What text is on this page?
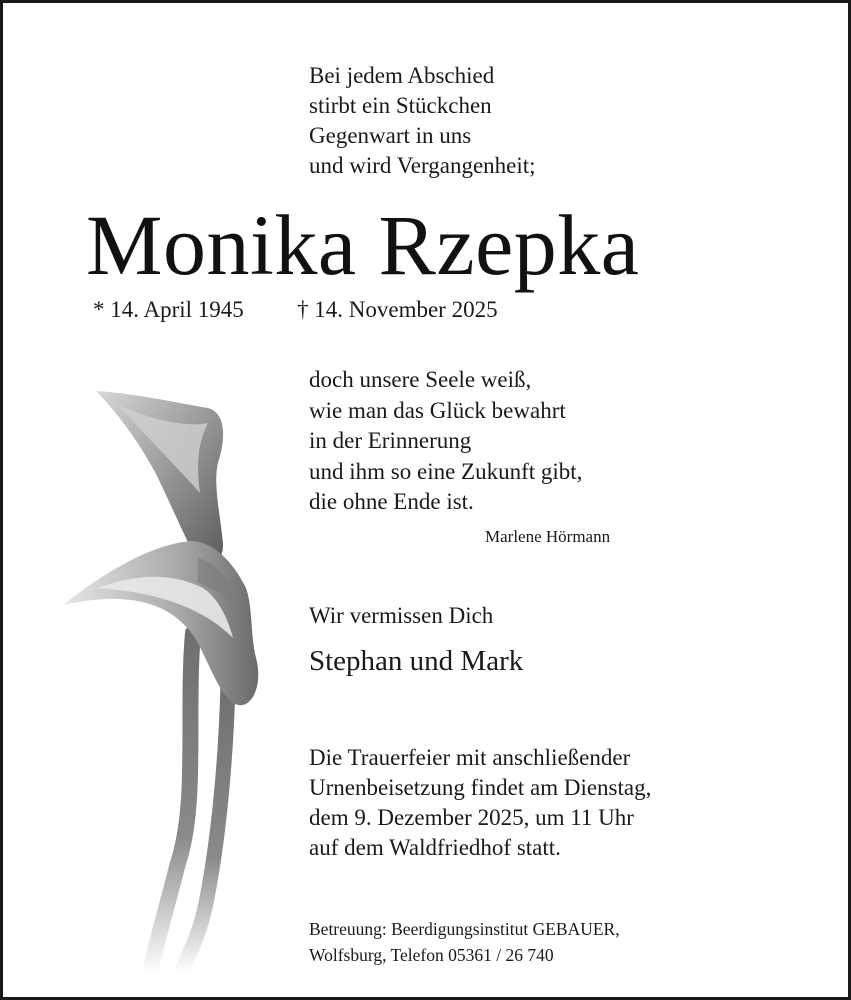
Bei jedem Abschied
stirbt ein Stückchen
Gegenwart in uns
und wird Vergangenheit;
Monika Rzepka
* 14. April 1945 † 14. November 2025
doch unsere Seele weiß,
wie man das Glück bewahrt
in der Erinnerung
und ihm so eine Zukunft gibt,
die ohne Ende ist.
Marlene Hörmann
Wir vermissen Dich
Stephan und Mark
Die Trauerfeier mit anschließender
Urnenbeisetzung findet am Dienstag,
dem 9. Dezember 2025, um 11 Uhr
auf dem Waldfriedhof statt.
Betreuung: Beerdigungsinstitut GEBAUER,
Wolfsburg, Telefon 05361 / 26 740
